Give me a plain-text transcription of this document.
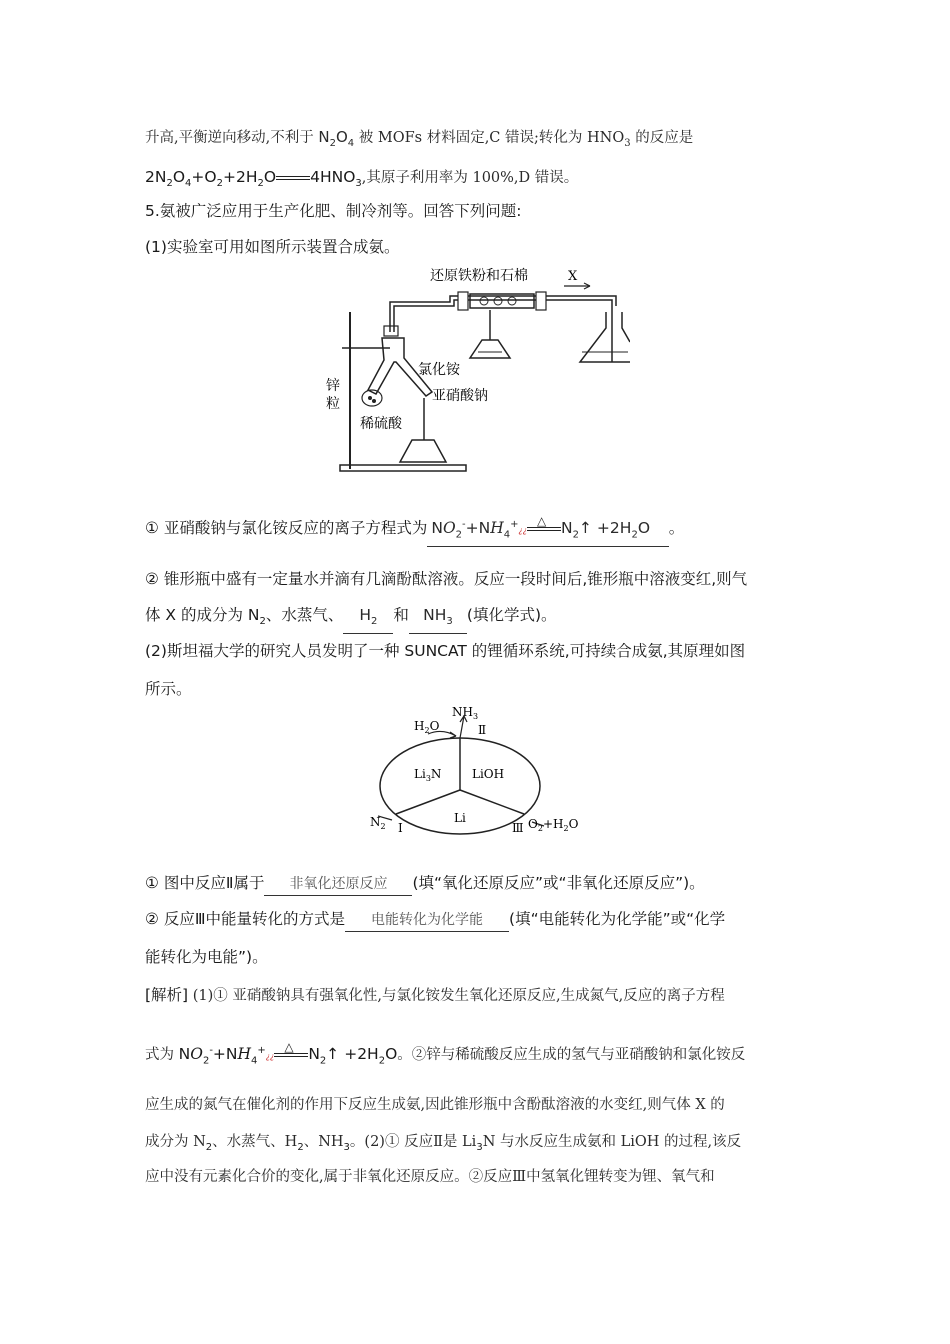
升高,平衡逆向移动,不利于 $N_2O_4$ 被 MOFs 材料固定,C 错误;转化为 $HNO_3$ 的反应是
$2N_2O_4+O_2+2H_2O$ $4HNO_3$,其原子利用率为 100%,D 错误。
5.氨被广泛应用于生产化肥、制冷剂等。回答下列问题:
(1)实验室可用如图所示装置合成氨。
还原铁粉和石棉	X
锌
粒
氯化铵
亚硝酸钠
稀硫酸
① 亚硝酸钠与氯化铵反应的离子方程式为 $NO_2^-+NH_4^+¿¿$
△ $N_2↑ +2H_2O$ 。
② 锥形瓶中盛有一定量水并滴有几滴酚酞溶液。反应一段时间后,锥形瓶中溶液变红,则气
体 X 的成分为 $N_2$、水蒸气、 $H_2$ 和 $NH_3$ (填化学式)。
(2)斯坦福大学的研究人员发明了一种 SUNCAT 的锂循环系统,可持续合成氨,其原理如图
所示。
$NH_3$
$H_2O$	Ⅱ
$Li_3N$	LiOH
Li
$N_2$ Ⅰ	Ⅲ $O_2+H_2O$
① 图中反应Ⅱ属于 非氧化还原反应 (填“氧化还原反应”或“非氧化还原反应”)。
② 反应Ⅲ中能量转化的方式是 电能转化为化学能 (填“电能转化为化学能”或“化学
能转化为电能”)。
[解析] (1)① 亚硝酸钠具有强氧化性,与氯化铵发生氧化还原反应,生成氮气,反应的离子方程
式为 $NO_2^-+NH_4^+¿¿$
△ $N_2↑ +2H_2O$。②锌与稀硫酸反应生成的氢气与亚硝酸钠和氯化铵反
应生成的氮气在催化剂的作用下反应生成氨,因此锥形瓶中含酚酞溶液的水变红,则气体 X 的
成分为 $N_2$、水蒸气、$H_2$、$NH_3$。(2)① 反应Ⅱ是 $Li_3N$ 与水反应生成氨和 LiOH 的过程,该反
应中没有元素化合价的变化,属于非氧化还原反应。②反应Ⅲ中氢氧化锂转变为锂、氧气和
